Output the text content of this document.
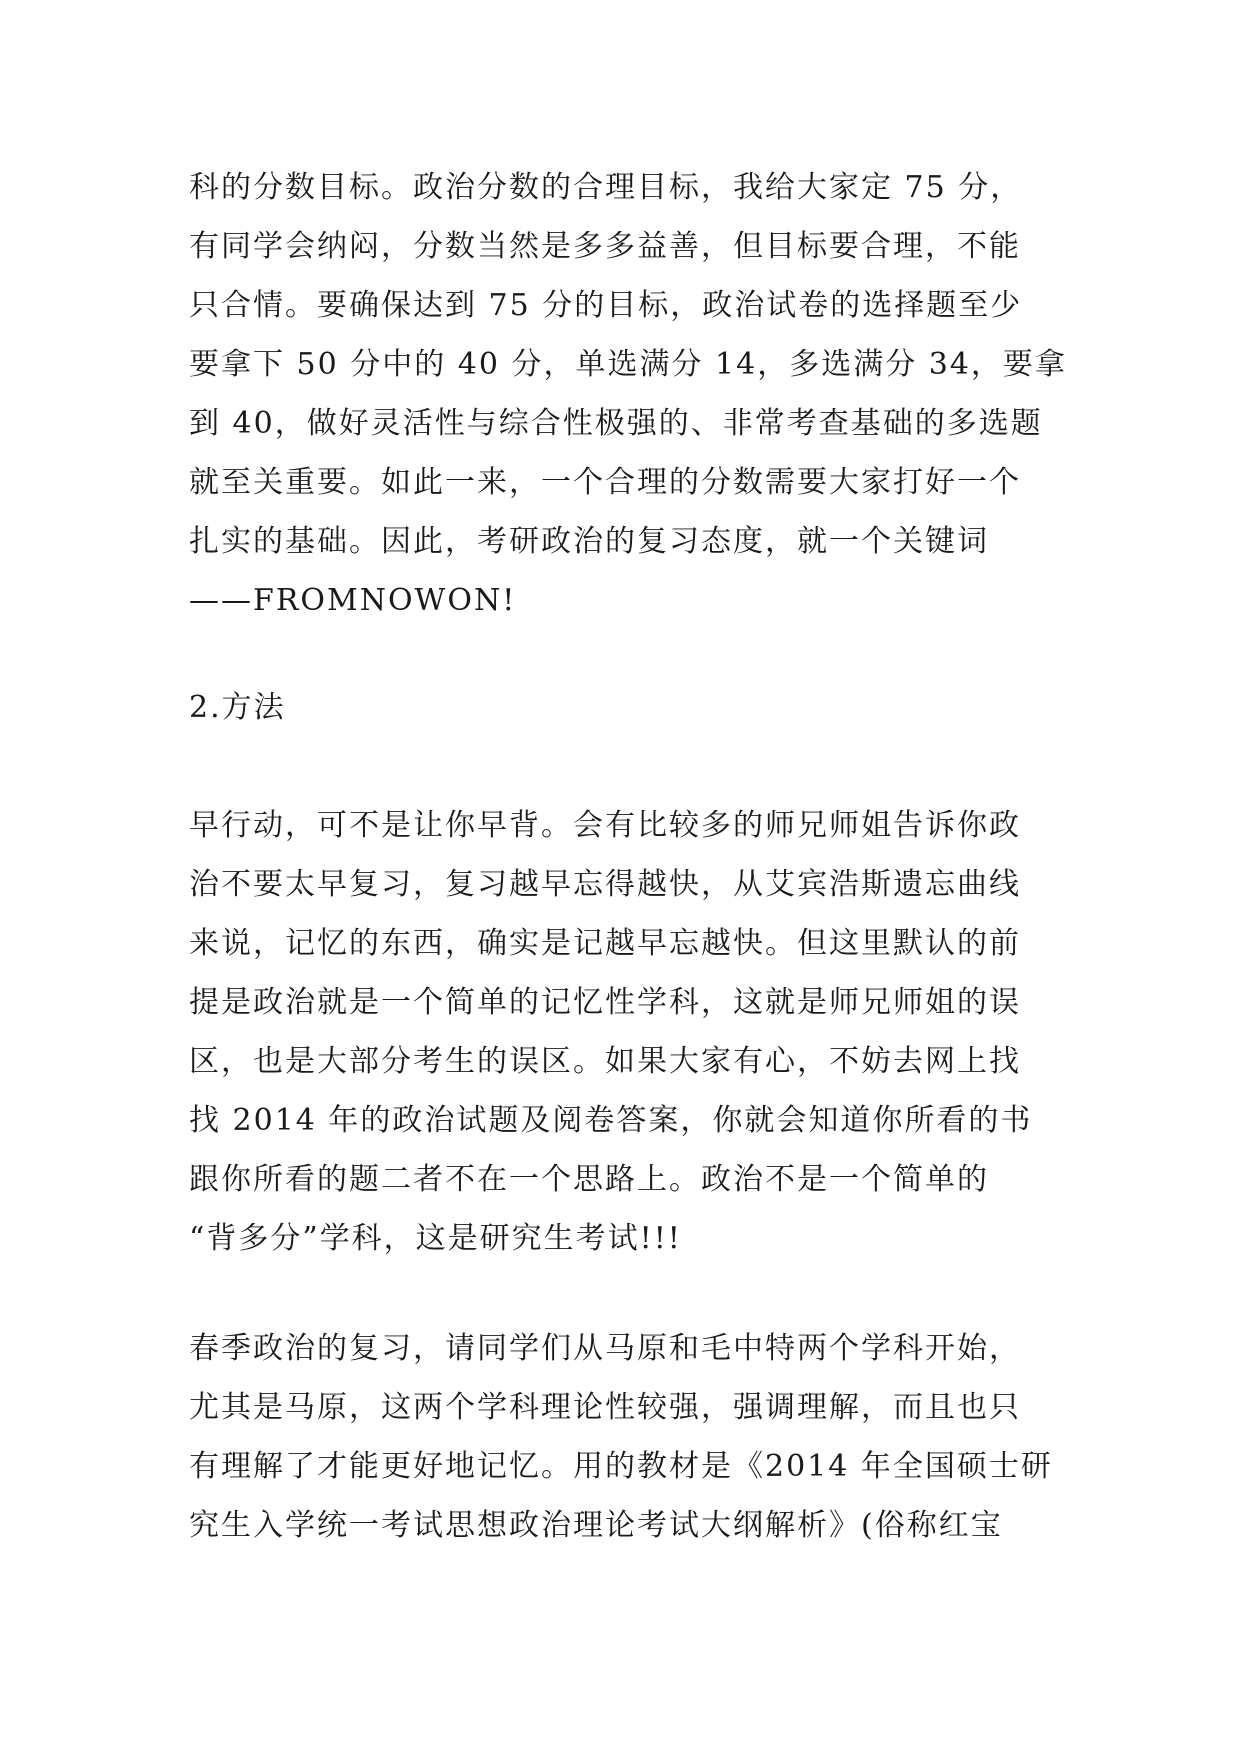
科的分数目标。政治分数的合理目标，我给大家定 75 分，
有同学会纳闷，分数当然是多多益善，但目标要合理，不能
只合情。要确保达到 75 分的目标，政治试卷的选择题至少
要拿下 50 分中的 40 分，单选满分 14，多选满分 34，要拿
到 40，做好灵活性与综合性极强的、非常考查基础的多选题
就至关重要。如此一来，一个合理的分数需要大家打好一个
扎实的基础。因此，考研政治的复习态度，就一个关键词
——FROMNOWON!
2.方法
早行动，可不是让你早背。会有比较多的师兄师姐告诉你政
治不要太早复习，复习越早忘得越快，从艾宾浩斯遗忘曲线
来说，记忆的东西，确实是记越早忘越快。但这里默认的前
提是政治就是一个简单的记忆性学科，这就是师兄师姐的误
区，也是大部分考生的误区。如果大家有心，不妨去网上找
找 2014 年的政治试题及阅卷答案，你就会知道你所看的书
跟你所看的题二者不在一个思路上。政治不是一个简单的
“背多分”学科，这是研究生考试!!!
春季政治的复习，请同学们从马原和毛中特两个学科开始，
尤其是马原，这两个学科理论性较强，强调理解，而且也只
有理解了才能更好地记忆。用的教材是《2014 年全国硕士研
究生入学统一考试思想政治理论考试大纲解析》(俗称红宝
